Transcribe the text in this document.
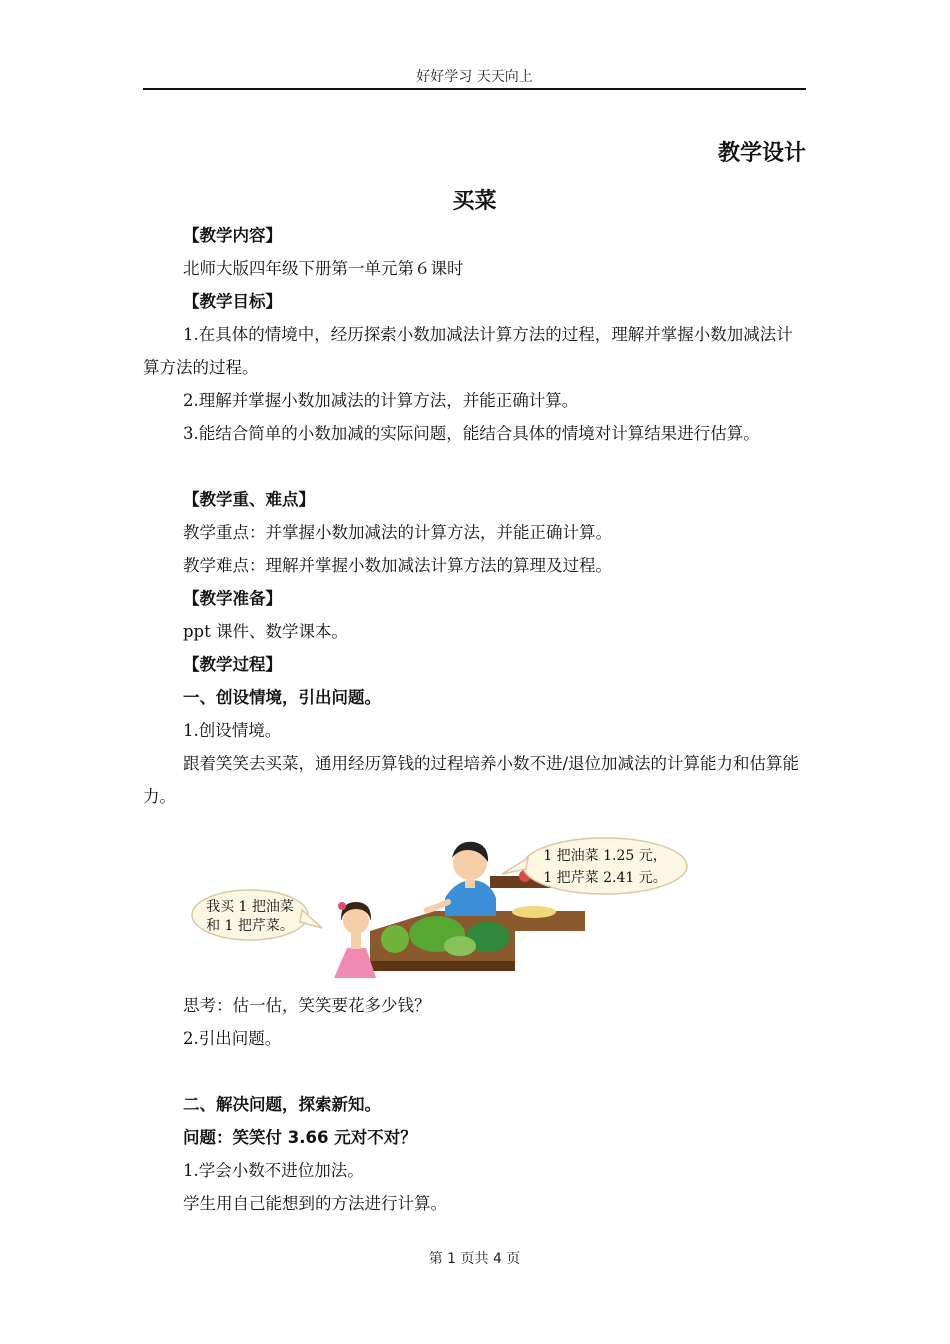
好好学习 天天向上
教学设计
买菜
【教学内容】
北师大版四年级下册第一单元第６课时
【教学目标】
1.在具体的情境中，经历探索小数加减法计算方法的过程，理解并掌握小数加减法计算方法的过程。
2.理解并掌握小数加减法的计算方法，并能正确计算。
3.能结合简单的小数加减的实际问题，能结合具体的情境对计算结果进行估算。
【教学重、难点】
教学重点：并掌握小数加减法的计算方法，并能正确计算。
教学难点：理解并掌握小数加减法计算方法的算理及过程。
【教学准备】
ppt 课件、数学课本。
【教学过程】
一、创设情境，引出问题。
1.创设情境。
跟着笑笑去买菜，通用经历算钱的过程培养小数不进/退位加减法的计算能力和估算能力。
我买 1 把油菜
和 1 把芹菜。
1 把油菜 1.25 元，
1 把芹菜 2.41 元。
思考：估一估，笑笑要花多少钱？
2.引出问题。
二、解决问题，探索新知。
问题：笑笑付 3.66 元对不对？
1.学会小数不进位加法。
学生用自己能想到的方法进行计算。
第 1 页共 4 页
